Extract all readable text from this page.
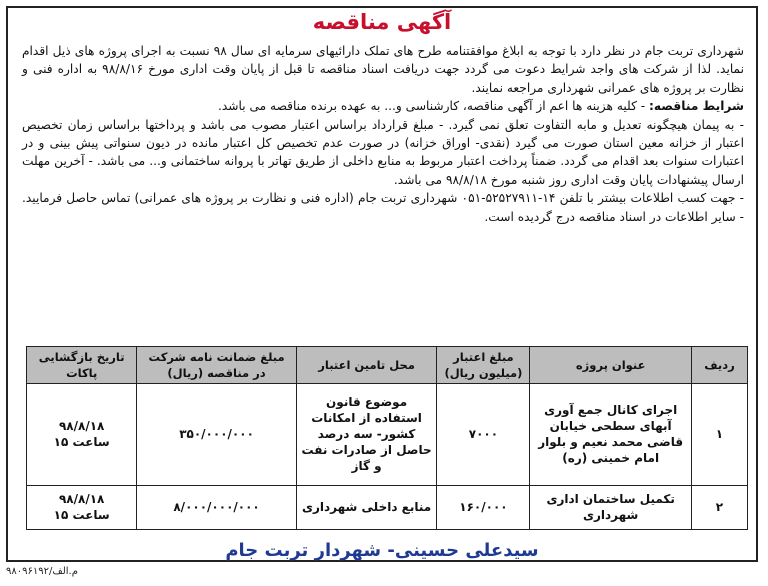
آگهی مناقصه

شهرداری تربت جام در نظر دارد با توجه به ابلاغ موافقتنامه طرح های تملک دارائیهای سرمایه ای سال ۹۸ نسبت به اجرای پروژه های ذیل اقدام نماید. لذا از شرکت های واجد شرایط دعوت می گردد جهت دریافت اسناد مناقصه تا قبل از پایان وقت اداری مورخ ۹۸/۸/۱۶ به اداره فنی و نظارت بر پروژه های عمرانی شهرداری مراجعه نمایند.

شرایط مناقصه: - کلیه هزینه ها اعم از آگهی مناقصه، کارشناسی و... به عهده برنده مناقصه می باشد.

- به پیمان هیچگونه تعدیل و مابه التفاوت تعلق نمی گیرد. - مبلغ قرارداد براساس اعتبار مصوب می باشد و پرداختها براساس زمان تخصیص اعتبار از خزانه معین استان صورت می گیرد (نقدی- اوراق خزانه) در صورت عدم تخصیص کل اعتبار مانده در دیون سنواتی پیش بینی و در اعتبارات سنوات بعد اقدام می گردد. ضمناً پرداخت اعتبار مربوط به منابع داخلی از طریق تهاتر با پروانه ساختمانی و... می باشد. - آخرین مهلت ارسال پیشنهادات پایان وقت اداری روز شنبه مورخ ۹۸/۸/۱۸ می باشد.

- جهت کسب اطلاعات بیشتر با تلفن ۱۴-۵۲۵۲۷۹۱۱-۰۵۱ شهرداری تربت جام (اداره فنی و نظارت بر پروژه های عمرانی) تماس حاصل فرمایید. - سایر اطلاعات در اسناد مناقصه درج گردیده است.

ردیف	عنوان پروژه	مبلغ اعتبار (میلیون ریال)	محل تامین اعتبار	مبلغ ضمانت نامه شرکت در مناقصه (ریال)	تاریخ بازگشایی پاکات
۱	اجرای کانال جمع آوری آبهای سطحی خیابان قاضی محمد نعیم و بلوار امام خمینی (ره)	۷۰۰۰	موضوع قانون استفاده از امکانات کشور- سه درصد حاصل از صادرات نفت و گاز	۳۵۰/۰۰۰/۰۰۰	۹۸/۸/۱۸
ساعت ۱۵

۲	تکمیل ساختمان اداری شهرداری	۱۶۰/۰۰۰	منابع داخلی شهرداری	۸/۰۰۰/۰۰۰/۰۰۰	۹۸/۸/۱۸
ساعت ۱۵
سیدعلی حسینی- شهردار تربت جام
۹۸۰۹۶۱۹۲/م.الف
